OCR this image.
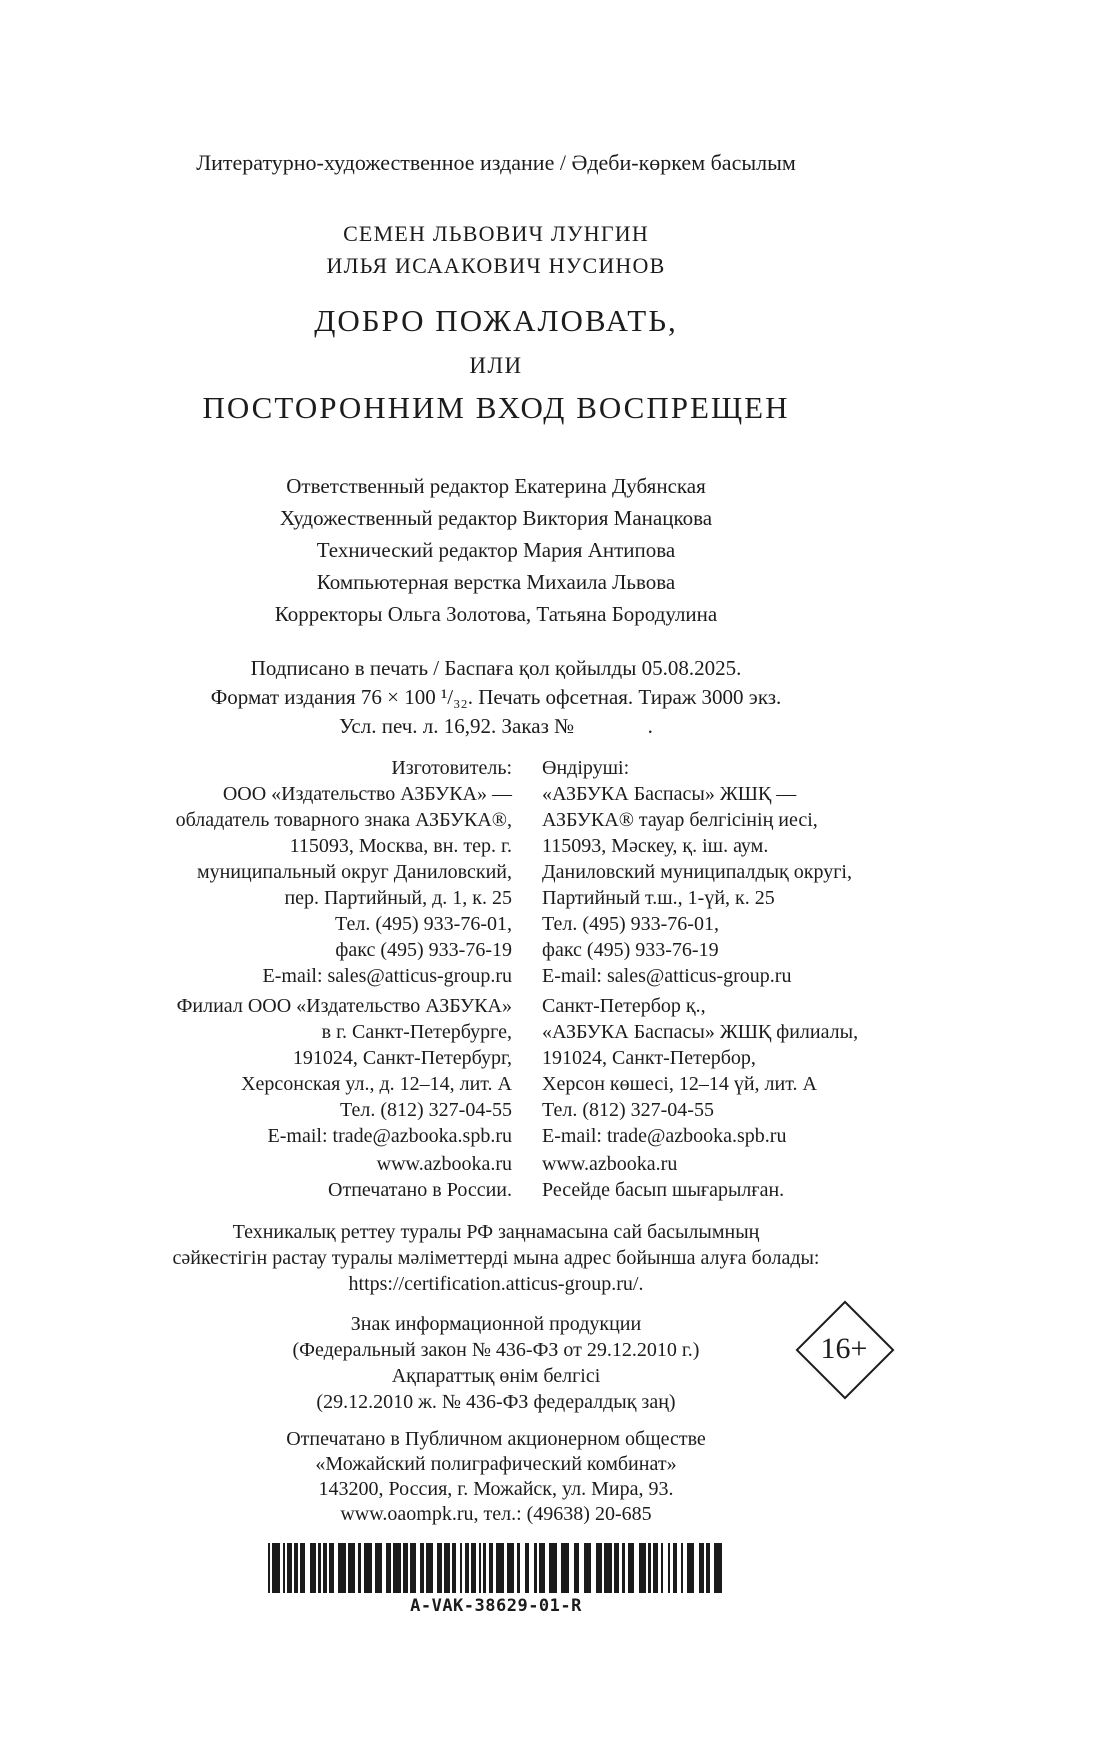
Литературно-художественное издание / Әдеби-көркем басылым
СЕМЕН ЛЬВОВИЧ ЛУНГИН
ИЛЬЯ ИСААКОВИЧ НУСИНОВ
ДОБРО ПОЖАЛОВАТЬ,
ИЛИ
ПОСТОРОННИМ ВХОД ВОСПРЕЩЕН
Ответственный редактор Екатерина Дубянская
Художественный редактор Виктория Манацкова
Технический редактор Мария Антипова
Компьютерная верстка Михаила Львова
Корректоры Ольга Золотова, Татьяна Бородулина
Подписано в печать / Баспаға қол қойылды 05.08.2025.
Формат издания 76 × 100 ¹/₃₂. Печать офсетная. Тираж 3000 экз.
Усл. печ. л. 16,92. Заказ №              .
Изготовитель:
ООО «Издательство АЗБУКА» —
обладатель товарного знака АЗБУКА®,
115093, Москва, вн. тер. г.
муниципальный округ Даниловский,
пер. Партийный, д. 1, к. 25
Тел. (495) 933-76-01,
факс (495) 933-76-19
E-mail: sales@atticus-group.ru
Өндіруші:
«АЗБУКА Баспасы» ЖШҚ —
АЗБУКА® тауар белгісінің иесі,
115093, Мәскеу, қ. іш. аум.
Даниловский муниципалдық округі,
Партийный т.ш., 1-үй, к. 25
Тел. (495) 933-76-01,
факс (495) 933-76-19
E-mail: sales@atticus-group.ru
Филиал ООО «Издательство АЗБУКА»
в г. Санкт-Петербурге,
191024, Санкт-Петербург,
Херсонская ул., д. 12–14, лит. А
Тел. (812) 327-04-55
E-mail: trade@azbooka.spb.ru
Санкт-Петербор қ.,
«АЗБУКА Баспасы» ЖШҚ филиалы,
191024, Санкт-Петербор,
Херсон көшесі, 12–14 үй, лит. А
Тел. (812) 327-04-55
E-mail: trade@azbooka.spb.ru
www.azbooka.ru
Отпечатано в России.
www.azbooka.ru
Ресейде басып шығарылған.
Техникалық реттеу туралы РФ заңнамасына сай басылымның
сәйкестігін растау туралы мәліметтерді мына адрес бойынша алуға болады:
https://certification.atticus-group.ru/.
Знак информационной продукции
(Федеральный закон № 436-ФЗ от 29.12.2010 г.)
Ақпараттық өнім белгісі
(29.12.2010 ж. № 436-ФЗ федералдық заң)
16+
Отпечатано в Публичном акционерном обществе
«Можайский полиграфический комбинат»
143200, Россия, г. Можайск, ул. Мира, 93.
www.oaompk.ru, тел.: (49638) 20-685
A-VAK-38629-01-R
